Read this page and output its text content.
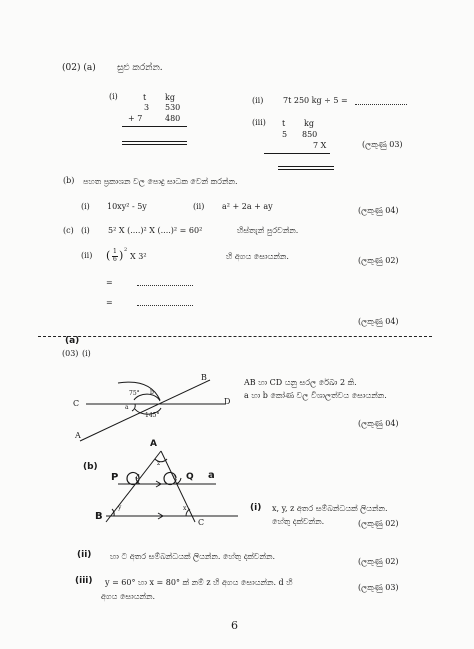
(02) (a) සුළු කරන්න.
(i)	t kg
3 530
+ 7	480
(ii) 7t 250 kg ÷ 5 =
(iii) t kg
5 850
7 X	(ලකුණු 03)
(b) පහත ප්‍රකාශන වල පොදු සාධක වෙන් කරන්න.
(i) 10xy² - 5y	(ii) a² + 2a + ay	(ලකුණු 04)
(c) (i) 5² X (....)² X (....)² = 60²	හිස්තැන් පුරවන්න.
(ii) ( 1
6 ) 2
X 3²	හි අගය සොයන්න.	(ලකුණු 02)
=
=
(ලකුණු 04)
(a)
(03) (i)
B
C	D
A
75° b
a
145°
AB හා CD යනු සරල රේඛා 2 කි.
a හා b කෝණ වල විශාලත්වය සොයන්න.
(ලකුණු 04)
(b)
A
P	Q a
B
C
z
d	a
y	x	(i) x, y, z අතර සම්බන්ධයක් ලියන්න.
හේතු දක්වන්න.	(ලකුණු 02)
(ii) හා ට අතර සම්බන්ධයක් ලියන්න. හේතු දක්වන්න.
(ලකුණු 02)
(iii) y = 60° හා x = 80° ක් නම් z හි අගය සොයන්න. d හි
අගය සොයන්න.
(ලකුණු 03)
6
